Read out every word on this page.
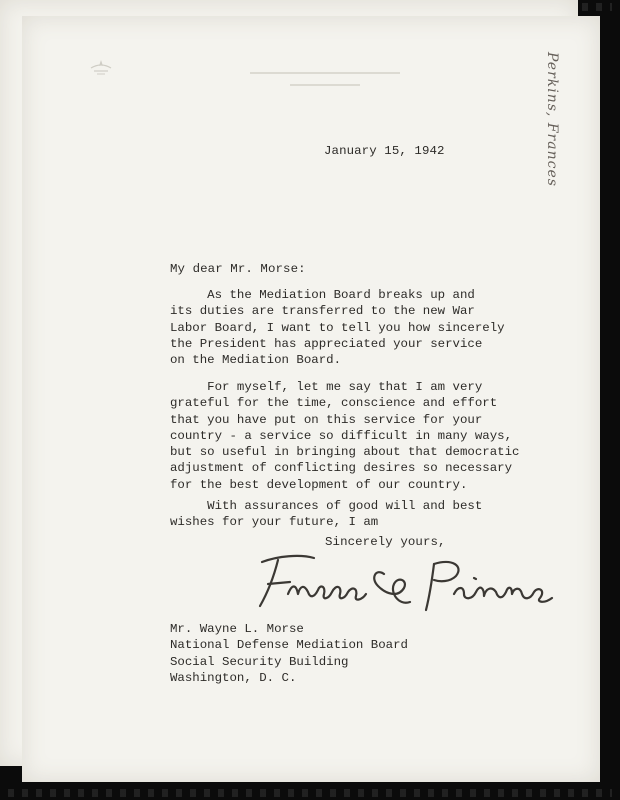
Perkins, Frances
January 15, 1942
My dear Mr. Morse:
As the Mediation Board breaks up and
its duties are transferred to the new War
Labor Board, I want to tell you how sincerely
the President has appreciated your service
on the Mediation Board.
For myself, let me say that I am very
grateful for the time, conscience and effort
that you have put on this service for your
country - a service so difficult in many ways,
but so useful in bringing about that democratic
adjustment of conflicting desires so necessary
for the best development of our country.
With assurances of good will and best
wishes for your future, I am
Sincerely yours,
Mr. Wayne L. Morse
National Defense Mediation Board
Social Security Building
Washington, D. C.
